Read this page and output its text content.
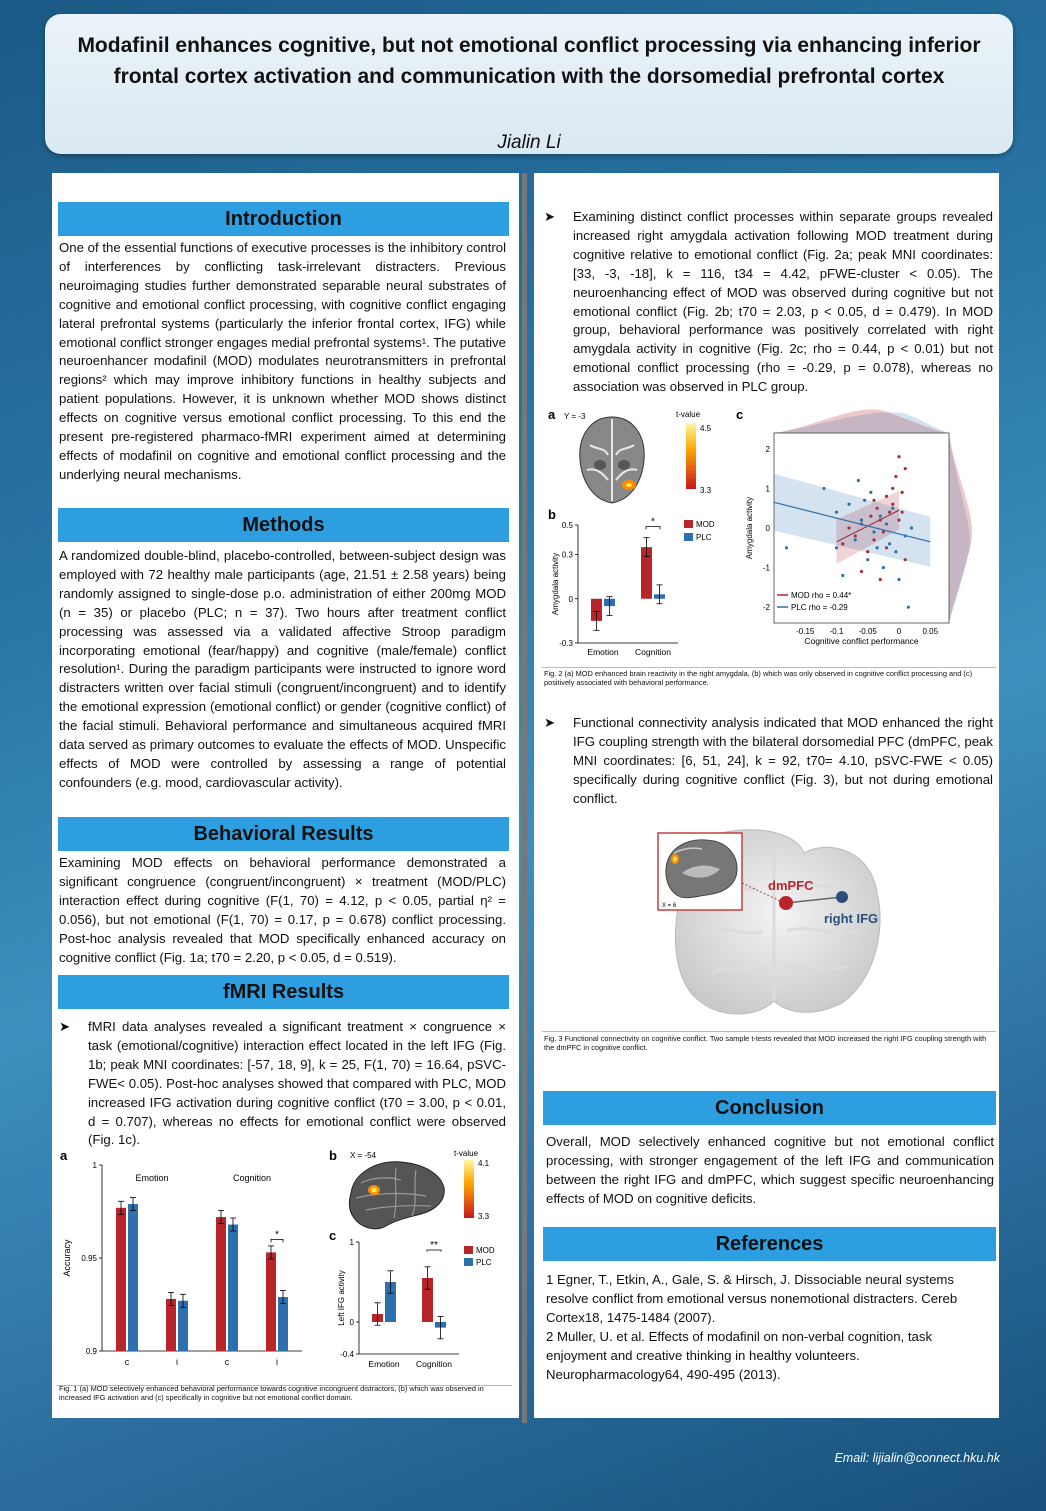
Modafinil enhances cognitive, but not emotional conflict processing via enhancing inferior
frontal cortex activation and communication with the dorsomedial prefrontal cortex
Jialin Li
Introduction
One of the essential functions of executive processes is the inhibitory control of interferences by conflicting task-irrelevant distracters. Previous neuroimaging studies further demonstrated separable neural substrates of cognitive and emotional conflict processing, with cognitive conflict engaging lateral prefrontal systems (particularly the inferior frontal cortex, IFG) while emotional conflict stronger engages medial prefrontal systems¹. The putative neuroenhancer modafinil (MOD) modulates neurotransmitters in prefrontal regions² which may improve inhibitory functions in healthy subjects and patient populations. However, it is unknown whether MOD shows distinct effects on cognitive versus emotional conflict processing. To this end the present pre-registered pharmaco-fMRI experiment aimed at determining effects of modafinil on cognitive and emotional conflict processing and the underlying neural mechanisms.
Methods
A randomized double-blind, placebo-controlled, between-subject design was employed with 72 healthy male participants (age, 21.51 ± 2.58 years) being randomly assigned to single-dose p.o. administration of either 200mg MOD (n = 35) or placebo (PLC; n = 37). Two hours after treatment conflict processing was assessed via a validated affective Stroop paradigm incorporating emotional (fear/happy) and cognitive (male/female) conflict resolution¹. During the paradigm participants were instructed to ignore word distracters written over facial stimuli (congruent/incongruent) and to identify the emotional expression (emotional conflict) or gender (cognitive conflict) of the facial stimuli. Behavioral performance and simultaneous acquired fMRI data served as primary outcomes to evaluate the effects of MOD. Unspecific effects of MOD were controlled by assessing a range of potential confounders (e.g. mood, cardiovascular activity).
Behavioral Results
Examining MOD effects on behavioral performance demonstrated a significant congruence (congruent/incongruent) × treatment (MOD/PLC) interaction effect during cognitive (F(1, 70) = 4.12, p < 0.05, partial η² = 0.056), but not emotional (F(1, 70) = 0.17, p = 0.678) conflict processing. Post-hoc analysis revealed that MOD specifically enhanced accuracy on cognitive conflict (Fig. 1a; t70 = 2.20, p < 0.05, d = 0.519).
fMRI Results
➤ fMRI data analyses revealed a significant treatment × congruence × task (emotional/cognitive) interaction effect located in the left IFG (Fig. 1b; peak MNI coordinates: [-57, 18, 9], k = 25, F(1, 70) = 16.64, pSVC-FWE< 0.05). Post-hoc analyses showed that compared with PLC, MOD increased IFG activation during cognitive conflict (t70 = 3.00, p < 0.01, d = 0.707), whereas no effects for emotional conflict were observed (Fig. 1c).
a
1
0.95
0.9
Accuracy
Emotion	Cognition
c	i	c	i
*
b X = -54	t-value
4.1
3.3
c 1
0
-0.4
Left IFG activity
Emotion Cognition
**	MOD
PLC
Fig. 1 (a) MOD selectively enhanced behavioral performance towards cognitive incongruent distractors, (b) which was observed in increased IFG activation and (c) specifically in cognitive but not emotional conflict domain.
➤ Examining distinct conflict processes within separate groups revealed increased right amygdala activation following MOD treatment during cognitive relative to emotional conflict (Fig. 2a; peak MNI coordinates: [33, -3, -18], k = 116, t34 = 4.42, pFWE-cluster < 0.05). The neuroenhancing effect of MOD was observed during cognitive but not emotional conflict (Fig. 2b; t70 = 2.03, p < 0.05, d = 0.479). In MOD group, behavioral performance was positively correlated with right amygdala activity in cognitive (Fig. 2c; rho = 0.44, p < 0.01) but not emotional conflict processing (rho = -0.29, p = 0.078), whereas no association was observed in PLC group.
a Y = -3	t-value
4.5
3.3
b
0.5
0.3
0
-0.3
Amygdala activity
Emotion Cognition
*	MOD
PLC
c
2
1
0
-1
-2
-0.15 -0.1 -0.05 0	0.05
Cognitive conflict performance
Amygdala activity
MOD rho = 0.44*
PLC rho = -0.29
Fig. 2 (a) MOD enhanced brain reactivity in the right amygdala, (b) which was only observed in cognitive conflict processing and (c) positively associated with behavioral performance.
➤ Functional connectivity analysis indicated that MOD enhanced the right IFG coupling strength with the bilateral dorsomedial PFC (dmPFC, peak MNI coordinates: [6, 51, 24], k = 92, t70= 4.10, pSVC-FWE < 0.05) specifically during cognitive conflict (Fig. 3), but not during emotional conflict.
dmPFC
right IFG
X = 6
Fig. 3 Functional connectivity on cognitive conflict. Two sample t-tests revealed that MOD increased the right IFG coupling strength with the dmPFC in cognitive conflict.
Conclusion
Overall, MOD selectively enhanced cognitive but not emotional conflict processing, with stronger engagement of the left IFG and communication between the right IFG and dmPFC, which suggest specific neuroenhancing effects of MOD on cognitive deficits.
References
1 Egner, T., Etkin, A., Gale, S. & Hirsch, J. Dissociable neural systems resolve conflict from emotional versus nonemotional distracters. Cereb Cortex18, 1475-1484 (2007).
2 Muller, U. et al. Effects of modafinil on non-verbal cognition, task enjoyment and creative thinking in healthy volunteers. Neuropharmacology64, 490-495 (2013).
Email: lijialin@connect.hku.hk
